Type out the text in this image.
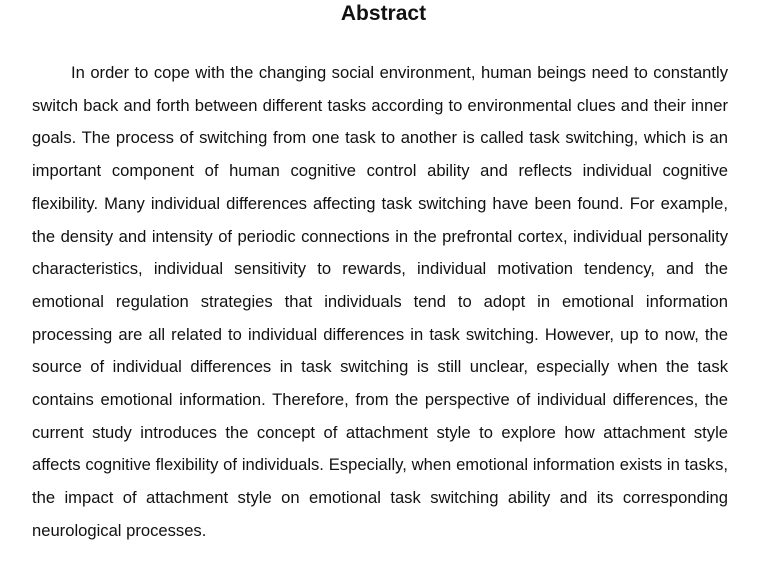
Abstract

In order to cope with the changing social environment, human beings need to constantly switch back and forth between different tasks according to environmental clues and their inner goals. The process of switching from one task to another is called task switching, which is an important component of human cognitive control ability and reflects individual cognitive flexibility. Many individual differences affecting task switching have been found. For example, the density and intensity of periodic connections in the prefrontal cortex, individual personality characteristics, individual sensitivity to rewards, individual motivation tendency, and the emotional regulation strategies that individuals tend to adopt in emotional information processing are all related to individual differences in task switching. However, up to now, the source of individual differences in task switching is still unclear, especially when the task contains emotional information. Therefore, from the perspective of individual differences, the current study introduces the concept of attachment style to explore how attachment style affects cognitive flexibility of individuals. Especially, when emotional information exists in tasks, the impact of attachment style on emotional task switching ability and its corresponding neurological processes.
